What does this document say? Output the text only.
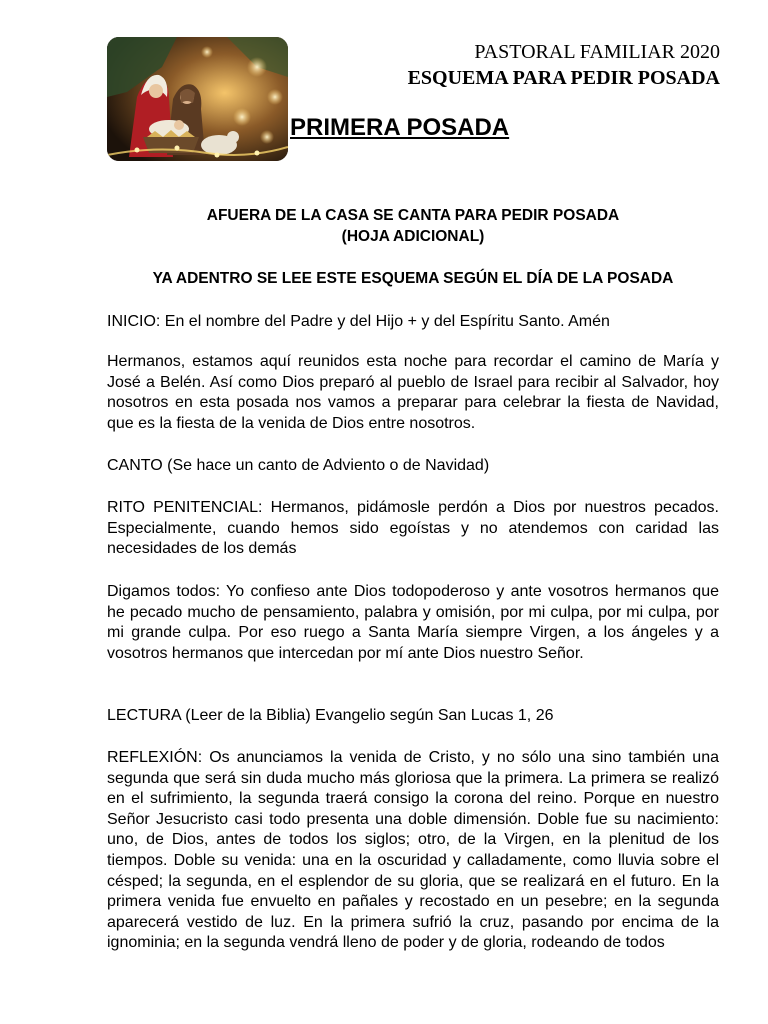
PASTORAL FAMILIAR 2020
ESQUEMA PARA PEDIR POSADA
PRIMERA POSADA
AFUERA DE LA CASA SE CANTA PARA PEDIR POSADA
(HOJA ADICIONAL)
YA ADENTRO SE LEE ESTE ESQUEMA SEGÚN EL DÍA DE LA POSADA
INICIO: En el nombre del Padre y del Hijo + y del Espíritu Santo. Amén
Hermanos, estamos aquí reunidos esta noche para recordar el camino de María y José a Belén. Así como Dios preparó al pueblo de Israel para recibir al Salvador, hoy nosotros en esta posada nos vamos a preparar para celebrar la fiesta de Navidad, que es la fiesta de la venida de Dios entre nosotros.
CANTO (Se hace un canto de Adviento o de Navidad)
RITO PENITENCIAL: Hermanos, pidámosle perdón a Dios por nuestros pecados. Especialmente, cuando hemos sido egoístas y no atendemos con caridad las necesidades de los demás
Digamos todos: Yo confieso ante Dios todopoderoso y ante vosotros hermanos que he pecado mucho de pensamiento, palabra y omisión, por mi culpa, por mi culpa, por mi grande culpa. Por eso ruego a Santa María siempre Virgen, a los ángeles y a vosotros hermanos que intercedan por mí ante Dios nuestro Señor.
LECTURA (Leer de la Biblia) Evangelio según San Lucas 1, 26
REFLEXIÓN: Os anunciamos la venida de Cristo, y no sólo una sino también una segunda que será sin duda mucho más gloriosa que la primera. La primera se realizó en el sufrimiento, la segunda traerá consigo la corona del reino. Porque en nuestro Señor Jesucristo casi todo presenta una doble dimensión. Doble fue su nacimiento: uno, de Dios, antes de todos los siglos; otro, de la Virgen, en la plenitud de los tiempos. Doble su venida: una en la oscuridad y calladamente, como lluvia sobre el césped; la segunda, en el esplendor de su gloria, que se realizará en el futuro. En la primera venida fue envuelto en pañales y recostado en un pesebre; en la segunda aparecerá vestido de luz. En la primera sufrió la cruz, pasando por encima de la ignominia; en la segunda vendrá lleno de poder y de gloria, rodeando de todos
